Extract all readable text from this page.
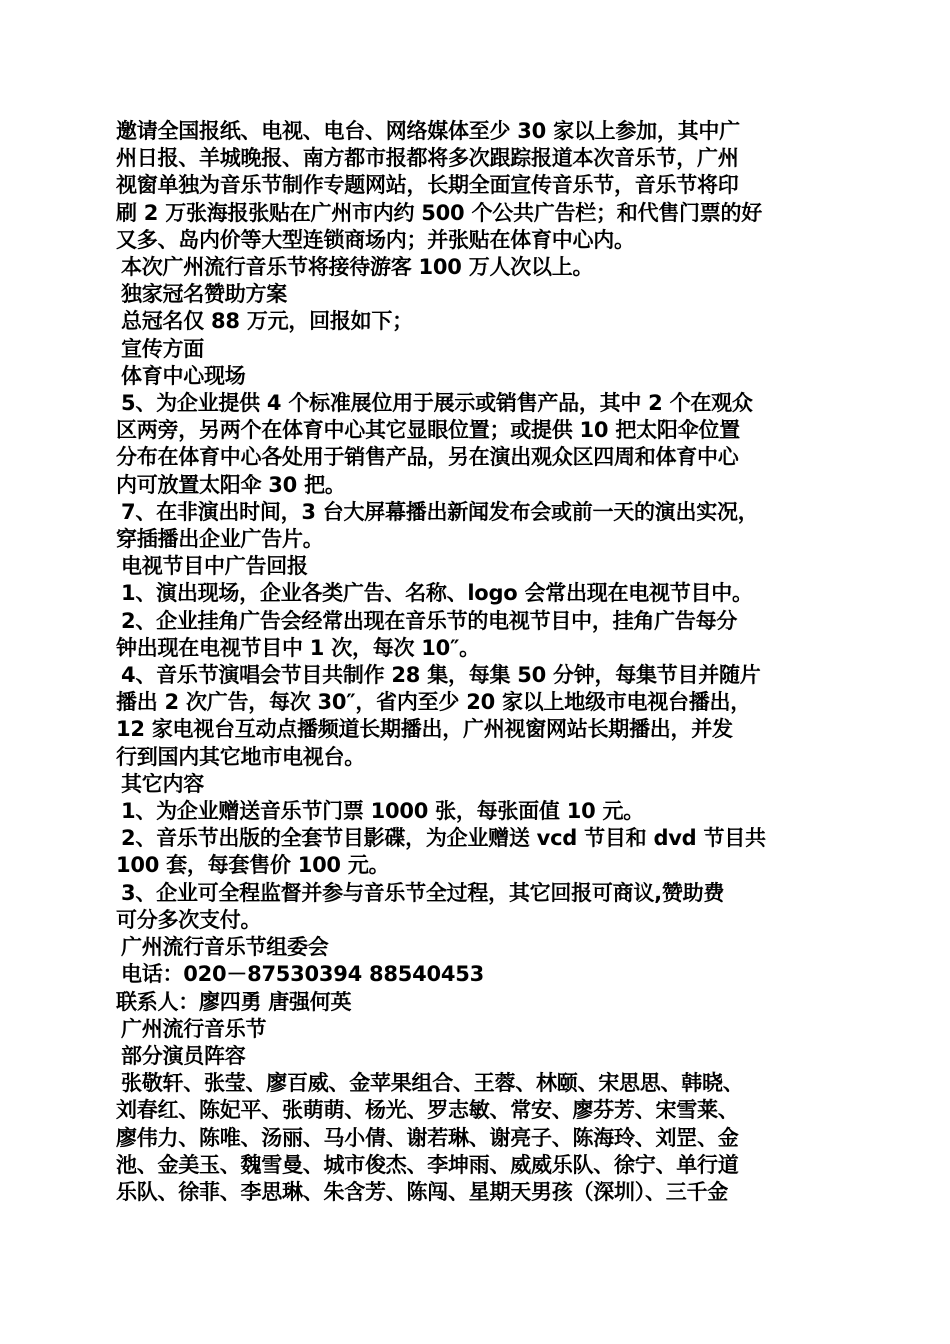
邀请全国报纸、电视、电台、网络媒体至少 30 家以上参加，其中广
州日报、羊城晚报、南方都市报都将多次跟踪报道本次音乐节，广州
视窗单独为音乐节制作专题网站，长期全面宣传音乐节，音乐节将印
刷 2 万张海报张贴在广州市内约 500 个公共广告栏；和代售门票的好
又多、岛内价等大型连锁商场内；并张贴在体育中心内。
本次广州流行音乐节将接待游客 100 万人次以上。
独家冠名赞助方案
总冠名仅 88 万元，回报如下；
宣传方面
体育中心现场
5、为企业提供 4 个标准展位用于展示或销售产品，其中 2 个在观众
区两旁，另两个在体育中心其它显眼位置；或提供 10 把太阳伞位置
分布在体育中心各处用于销售产品，另在演出观众区四周和体育中心
内可放置太阳伞 30 把。
7、在非演出时间，3 台大屏幕播出新闻发布会或前一天的演出实况，
穿插播出企业广告片。
电视节目中广告回报
1、演出现场，企业各类广告、名称、logo 会常出现在电视节目中。
2、企业挂角广告会经常出现在音乐节的电视节目中，挂角广告每分
钟出现在电视节目中 1 次，每次 10″。
4、音乐节演唱会节目共制作 28 集，每集 50 分钟，每集节目并随片
播出 2 次广告，每次 30″，省内至少 20 家以上地级市电视台播出，
12 家电视台互动点播频道长期播出，广州视窗网站长期播出，并发
行到国内其它地市电视台。
其它内容
1、为企业赠送音乐节门票 1000 张，每张面值 10 元。
2、音乐节出版的全套节目影碟，为企业赠送 vcd 节目和 dvd 节目共
100 套，每套售价 100 元。
3、企业可全程监督并参与音乐节全过程，其它回报可商议,赞助费
可分多次支付。
广州流行音乐节组委会
电话：020－87530394 88540453
联系人：廖四勇 唐强何英
广州流行音乐节
部分演员阵容
张敬轩、张莹、廖百威、金苹果组合、王蓉、林颐、宋思思、韩晓、
刘春红、陈妃平、张萌萌、杨光、罗志敏、常安、廖芬芳、宋雪莱、
廖伟力、陈唯、汤丽、马小倩、谢若琳、谢亮子、陈海玲、刘罡、金
池、金美玉、魏雪曼、城市俊杰、李坤雨、威威乐队、徐宁、单行道
乐队、徐菲、李思琳、朱含芳、陈闯、星期天男孩（深圳）、三千金
